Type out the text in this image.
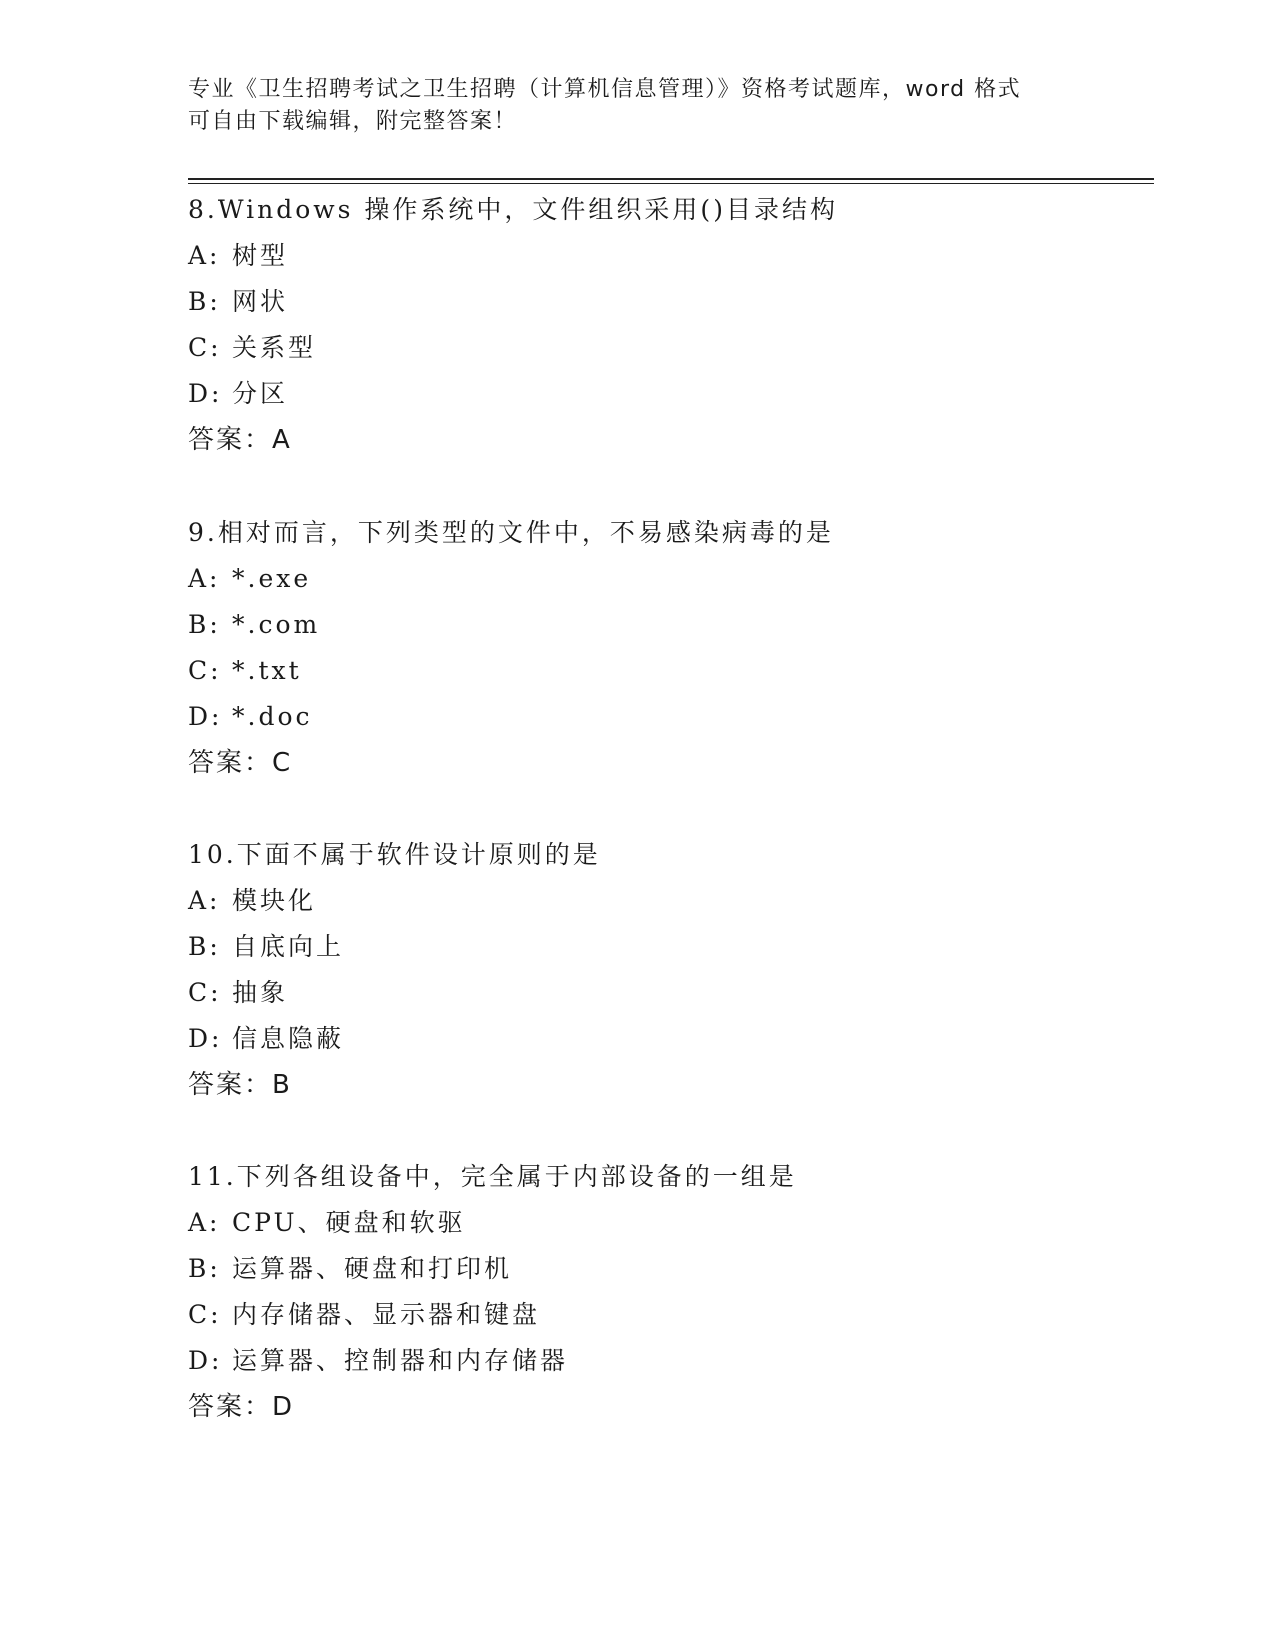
专业《卫生招聘考试之卫生招聘（计算机信息管理）》资格考试题库，word 格式
可自由下载编辑，附完整答案！
8.Windows 操作系统中，文件组织采用()目录结构
A: 树型
B: 网状
C: 关系型
D: 分区
答案：A
9.相对而言，下列类型的文件中，不易感染病毒的是
A: *.exe
B: *.com
C: *.txt
D: *.doc
答案：C
10.下面不属于软件设计原则的是
A: 模块化
B: 自底向上
C: 抽象
D: 信息隐蔽
答案：B
11.下列各组设备中，完全属于内部设备的一组是
A: CPU、硬盘和软驱
B: 运算器、硬盘和打印机
C: 内存储器、显示器和键盘
D: 运算器、控制器和内存储器
答案：D
